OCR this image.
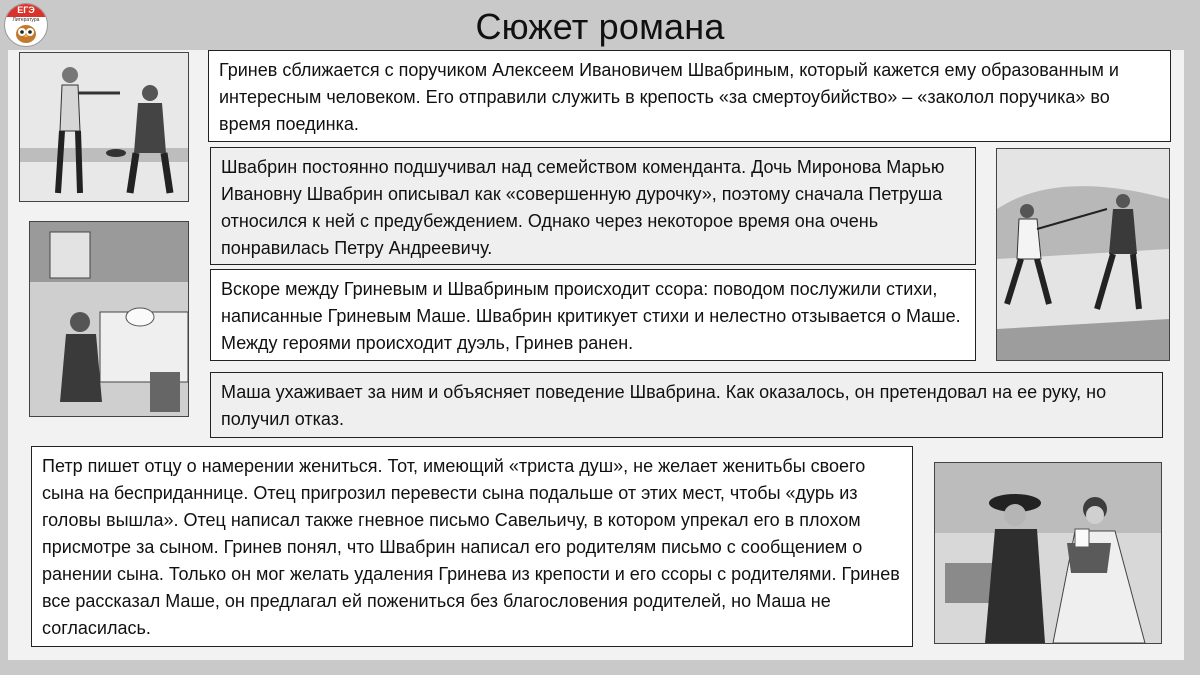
ЕГЭ
Литература	Сюжет романа
Гринев сближается с поручиком Алексеем Ивановичем Швабриным, который кажется ему образованным и интересным человеком. Его отправили служить в крепость «за смертоубийство» – «заколол поручика» во время поединка.
Швабрин постоянно подшучивал над семейством коменданта. Дочь Миронова Марью Ивановну Швабрин описывал как «совершенную дурочку», поэтому сначала Петруша относился к ней с предубеждением. Однако через некоторое время она очень понравилась Петру Андреевичу.
Вскоре между Гриневым и Швабриным происходит ссора: поводом послужили стихи, написанные Гриневым Маше. Швабрин критикует стихи и нелестно отзывается о Маше. Между героями происходит дуэль, Гринев ранен.
Маша ухаживает за ним и объясняет поведение Швабрина. Как оказалось, он претендовал на ее руку, но получил отказ.
Петр пишет отцу о намерении жениться. Тот, имеющий «триста душ», не желает женитьбы своего сына на бесприданнице. Отец пригрозил перевести сына подальше от этих мест, чтобы «дурь из головы вышла». Отец написал также гневное письмо Савельичу, в котором упрекал его в плохом присмотре за сыном. Гринев понял, что Швабрин написал его родителям письмо с сообщением о ранении сына. Только он мог желать удаления Гринева из крепости и его ссоры с родителями. Гринев все рассказал Маше, он предлагал ей пожениться без благословения родителей, но Маша не согласилась.
